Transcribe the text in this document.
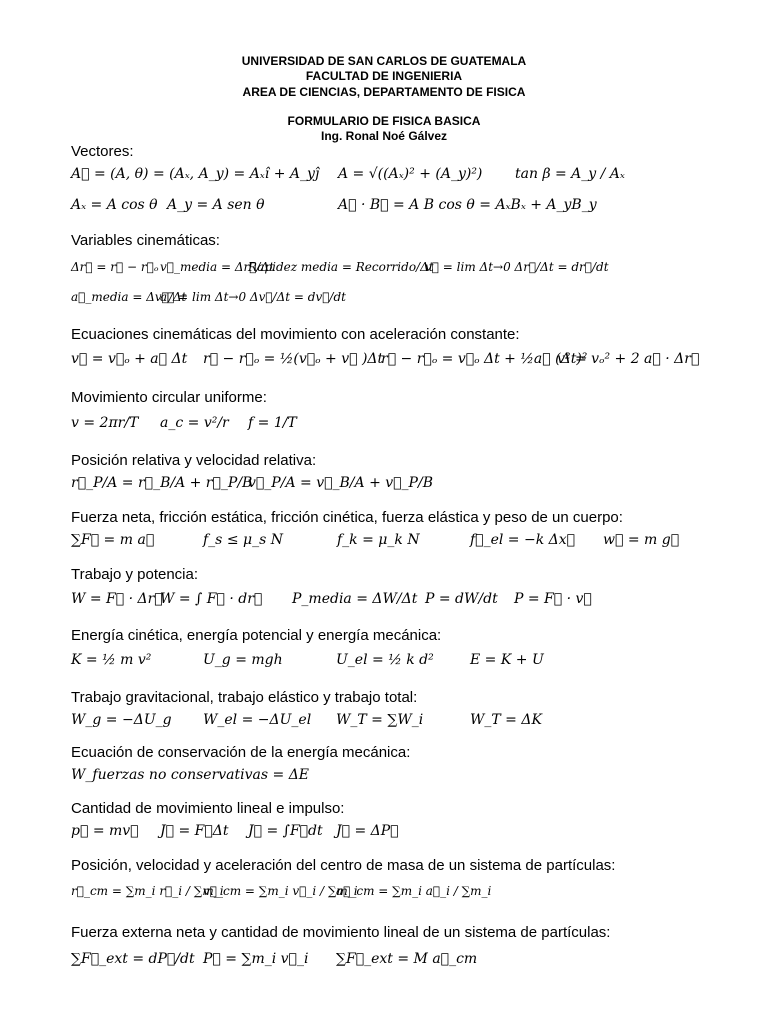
UNIVERSIDAD DE SAN CARLOS DE GUATEMALA
FACULTAD DE INGENIERIA
AREA DE CIENCIAS, DEPARTAMENTO DE FISICA
FORMULARIO DE FISICA BASICA
Ing. Ronal Noé Gálvez
Vectores:
A⃗ = (A, θ) = (Aₓ, A_y) = Aₓî + A_yĵ A = √((Aₓ)² + (A_y)²) tan β = A_y / Aₓ
Aₓ = A cos θ A_y = A sen θ	A⃗ · B⃗ = A B cos θ = AₓBₓ + A_yB_y
Variables cinemáticas:
Δr⃗ = r⃗ − r⃗ₒ v⃗_media = Δr⃗/Δt
Rapidez media = Recorrido/Δt
v⃗ = lim Δt→0 Δr⃗/Δt = dr⃗/dt
a⃗_media = Δv⃗/Δt
a⃗ = lim Δt→0 Δv⃗/Δt = dv⃗/dt
Ecuaciones cinemáticas del movimiento con aceleración constante:
v⃗ = v⃗ₒ + a⃗ Δt r⃗ − r⃗ₒ = ½(v⃗ₒ + v⃗ )Δt
r⃗ − r⃗ₒ = v⃗ₒ Δt + ½a⃗ (Δt)²
v² = vₒ² + 2 a⃗ · Δr⃗
Movimiento circular uniforme:
v = 2πr/T a_c = v²/r f = 1/T
Posición relativa y velocidad relativa:
r⃗_P/A = r⃗_B/A + r⃗_P/B
v⃗_P/A = v⃗_B/A + v⃗_P/B
Fuerza neta, fricción estática, fricción cinética, fuerza elástica y peso de un cuerpo:
∑F⃗ = m a⃗	f_s ≤ μ_s N	f_k = μ_k N	f⃗_el = −k Δx⃗ w⃗ = m g⃗
Trabajo y potencia:
W = F⃗ · Δr⃗
W = ∫ F⃗ · dr⃗ P_media = ΔW/Δt P = dW/dt P = F⃗ · v⃗
Energía cinética, energía potencial y energía mecánica:
K = ½ m v²	U_g = mgh	U_el = ½ k d²	E = K + U
Trabajo gravitacional, trabajo elástico y trabajo total:
W_g = −ΔU_g W_el = −ΔU_el W_T = ∑W_i	W_T = ΔK
Ecuación de conservación de la energía mecánica:
W_fuerzas no conservativas = ΔE
Cantidad de movimiento lineal e impulso:
p⃗ = mv⃗ J⃗ = F⃗Δt J⃗ = ∫F⃗dt J⃗ = ΔP⃗
Posición, velocidad y aceleración del centro de masa de un sistema de partículas:
r⃗_cm = ∑m_i r⃗_i / ∑m_i
v⃗_cm = ∑m_i v⃗_i / ∑m_i
a⃗_cm = ∑m_i a⃗_i / ∑m_i
Fuerza externa neta y cantidad de movimiento lineal de un sistema de partículas:
∑F⃗_ext = dP⃗/dt P⃗ = ∑m_i v⃗_i ∑F⃗_ext = M a⃗_cm
